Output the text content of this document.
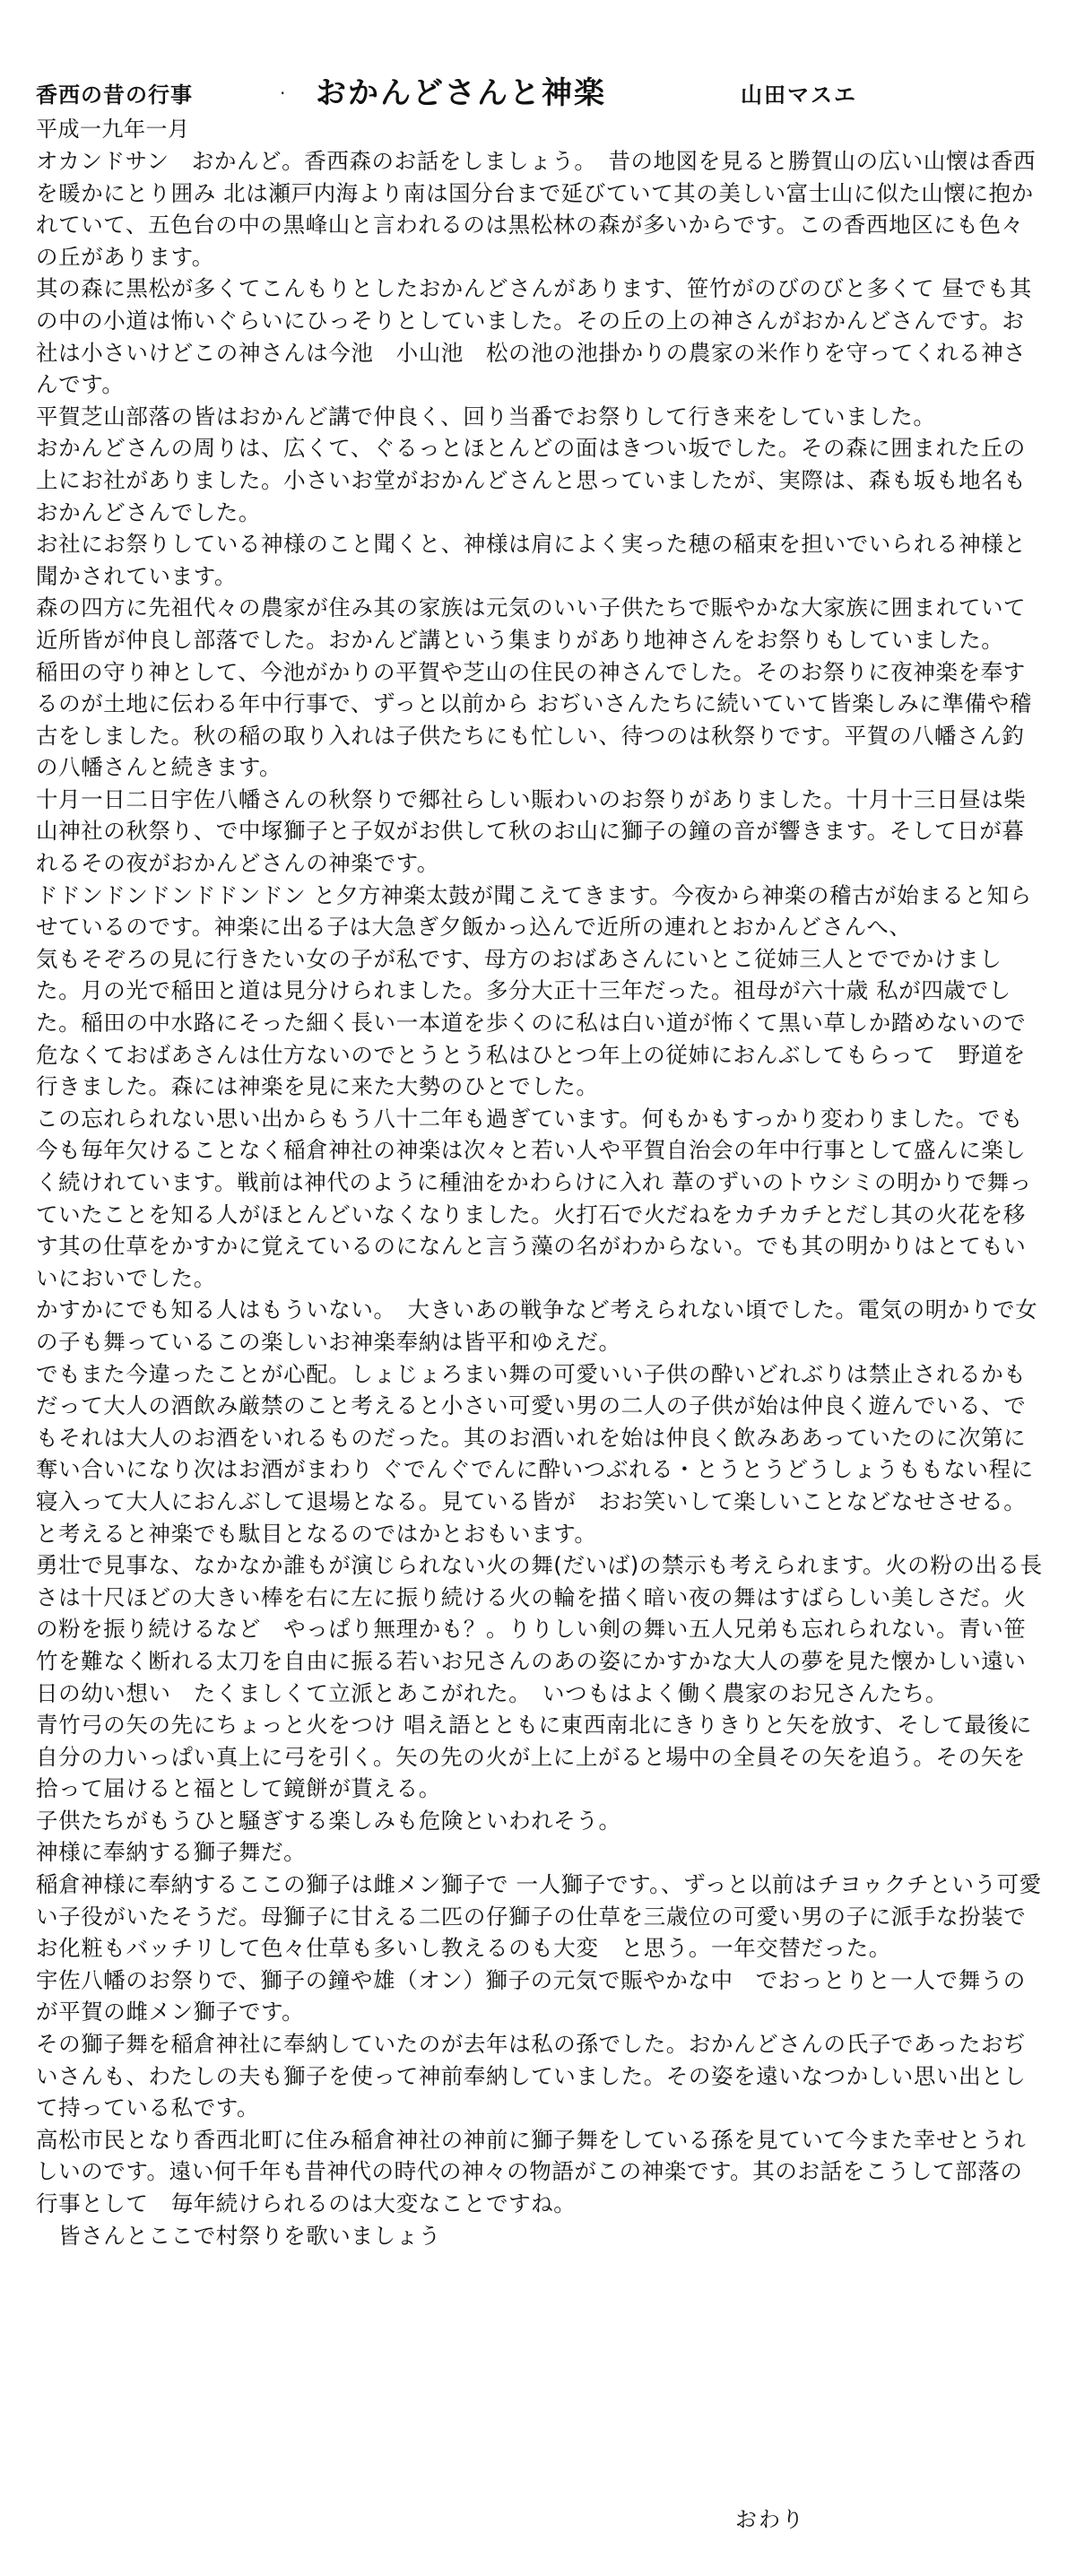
香西の昔の行事	· おかんどさんと神楽	山田マスエ

平成一九年一月

オカンドサン　おかんど。香西森のお話をしましょう。　昔の地図を見ると勝賀山の広い山懐は香西を暖かにとり囲み 北は瀬戸内海より南は国分台まで延びていて其の美しい富士山に似た山懐に抱かれていて、五色台の中の黒峰山と言われるのは黒松林の森が多いからです。この香西地区にも色々の丘があります。

其の森に黒松が多くてこんもりとしたおかんどさんがあります、笹竹がのびのびと多くて 昼でも其の中の小道は怖いぐらいにひっそりとしていました。その丘の上の神さんがおかんどさんです。お社は小さいけどこの神さんは今池　小山池　松の池の池掛かりの農家の米作りを守ってくれる神さんです。

平賀芝山部落の皆はおかんど講で仲良く、回り当番でお祭りして行き来をしていました。

おかんどさんの周りは、広くて、ぐるっとほとんどの面はきつい坂でした。その森に囲まれた丘の上にお社がありました。小さいお堂がおかんどさんと思っていましたが、実際は、森も坂も地名もおかんどさんでした。

お社にお祭りしている神様のこと聞くと、神様は肩によく実った穂の稲束を担いでいられる神様と聞かされています。

森の四方に先祖代々の農家が住み其の家族は元気のいい子供たちで賑やかな大家族に囲まれていて近所皆が仲良し部落でした。おかんど講という集まりがあり地神さんをお祭りもしていました。

稲田の守り神として、今池がかりの平賀や芝山の住民の神さんでした。そのお祭りに夜神楽を奉するのが土地に伝わる年中行事で、ずっと以前から おぢいさんたちに続いていて皆楽しみに準備や稽古をしました。秋の稲の取り入れは子供たちにも忙しい、待つのは秋祭りです。平賀の八幡さん釣の八幡さんと続きます。

十月一日二日宇佐八幡さんの秋祭りで郷社らしい賑わいのお祭りがありました。十月十三日昼は柴山神社の秋祭り、で中塚獅子と子奴がお供して秋のお山に獅子の鐘の音が響きます。そして日が暮れるその夜がおかんどさんの神楽です。

ドドンドンドンドドンドン と夕方神楽太鼓が聞こえてきます。今夜から神楽の稽古が始まると知らせているのです。神楽に出る子は大急ぎ夕飯かっ込んで近所の連れとおかんどさんへ、

気もそぞろの見に行きたい女の子が私です、母方のおばあさんにいとこ従姉三人とででかけました。月の光で稲田と道は見分けられました。多分大正十三年だった。祖母が六十歳 私が四歳でした。稲田の中水路にそった細く長い一本道を歩くのに私は白い道が怖くて黒い草しか踏めないので危なくておばあさんは仕方ないのでとうとう私はひとつ年上の従姉におんぶしてもらって　野道を行きました。森には神楽を見に来た大勢のひとでした。

この忘れられない思い出からもう八十二年も過ぎています。何もかもすっかり変わりました。でも今も毎年欠けることなく稲倉神社の神楽は次々と若い人や平賀自治会の年中行事として盛んに楽しく続けれています。戦前は神代のように種油をかわらけに入れ 葦のずいのトウシミの明かりで舞っていたことを知る人がほとんどいなくなりました。火打石で火だねをカチカチとだし其の火花を移す其の仕草をかすかに覚えているのになんと言う藻の名がわからない。でも其の明かりはとてもいいにおいでした。

かすかにでも知る人はもういない。　大きいあの戦争など考えられない頃でした。電気の明かりで女の子も舞っているこの楽しいお神楽奉納は皆平和ゆえだ。

でもまた今違ったことが心配。しょじょろまい舞の可愛いい子供の酔いどれぶりは禁止されるかも　だって大人の酒飲み厳禁のこと考えると小さい可愛い男の二人の子供が始は仲良く遊んでいる、でもそれは大人のお酒をいれるものだった。其のお酒いれを始は仲良く飲みああっていたのに次第に奪い合いになり次はお酒がまわり ぐでんぐでんに酔いつぶれる・とうとうどうしょうももない程に寝入って大人におんぶして退場となる。見ている皆が　おお笑いして楽しいことなどなせさせる。と考えると神楽でも駄目となるのではかとおもいます。

勇壮で見事な、なかなか誰もが演じられない火の舞(だいば)の禁示も考えられます。火の粉の出る長さは十尺ほどの大きい棒を右に左に振り続ける火の輪を描く暗い夜の舞はすばらしい美しさだ。火の粉を振り続けるなど　やっぱり無理かも？。りりしい剣の舞い五人兄弟も忘れられない。青い笹竹を難なく断れる太刀を自由に振る若いお兄さんのあの姿にかすかな大人の夢を見た懐かしい遠い日の幼い想い　たくましくて立派とあこがれた。　いつもはよく働く農家のお兄さんたち。

青竹弓の矢の先にちょっと火をつけ 唱え語とともに東西南北にきりきりと矢を放す、そして最後に自分の力いっぱい真上に弓を引く。矢の先の火が上に上がると場中の全員その矢を追う。その矢を拾って届けると福として鏡餅が貰える。

子供たちがもうひと騒ぎする楽しみも危険といわれそう。

神様に奉納する獅子舞だ。

稲倉神様に奉納するここの獅子は雌メン獅子で 一人獅子です。、ずっと以前はチヨゥクチという可愛い子役がいたそうだ。母獅子に甘える二匹の仔獅子の仕草を三歳位の可愛い男の子に派手な扮装でお化粧もバッチリして色々仕草も多いし教えるのも大変　と思う。一年交替だった。

宇佐八幡のお祭りで、獅子の鐘や雄（オン）獅子の元気で賑やかな中　でおっとりと一人で舞うのが平賀の雌メン獅子です。

その獅子舞を稲倉神社に奉納していたのが去年は私の孫でした。おかんどさんの氏子であったおぢいさんも、わたしの夫も獅子を使って神前奉納していました。その姿を遠いなつかしい思い出として持っている私です。

高松市民となり香西北町に住み稲倉神社の神前に獅子舞をしている孫を見ていて今また幸せとうれしいのです。遠い何千年も昔神代の時代の神々の物語がこの神楽です。其のお話をこうして部落の行事として　毎年続けられるのは大変なことですね。

　皆さんとここで村祭りを歌いましょう

おわり
